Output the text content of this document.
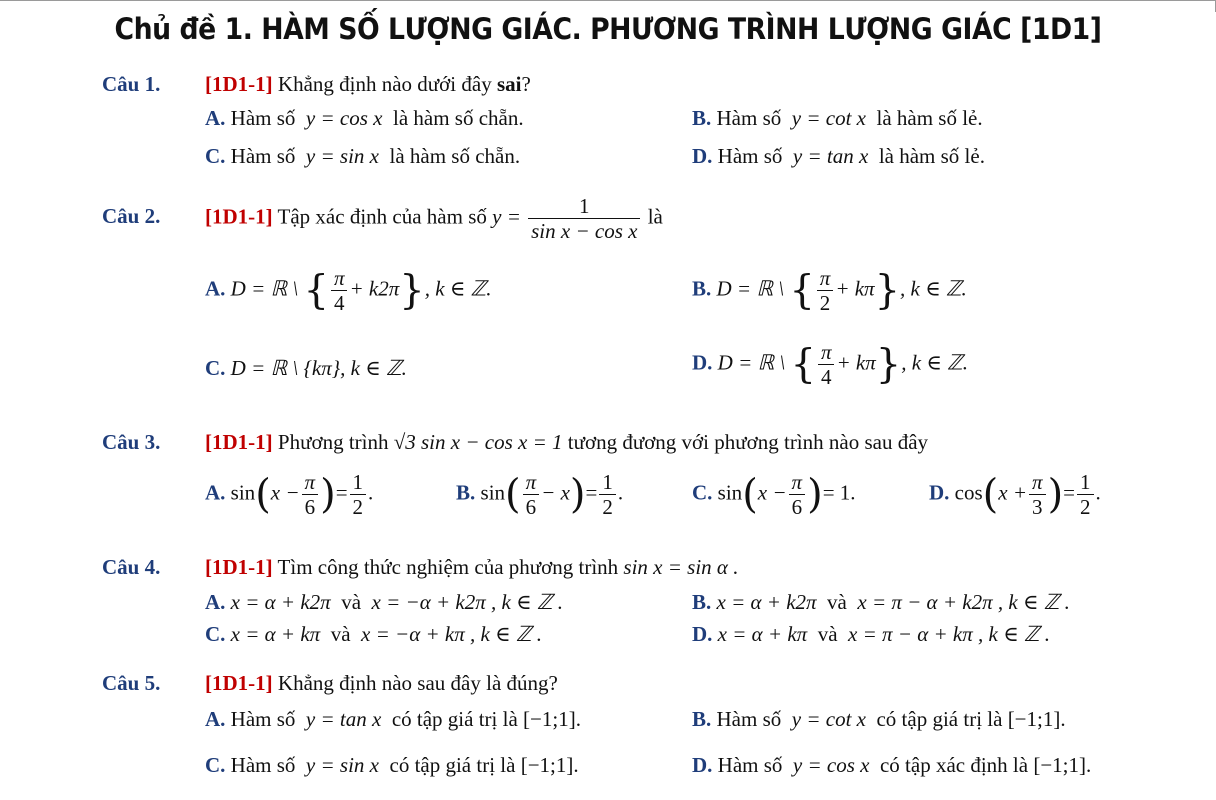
Chủ đề 1. HÀM SỐ LƯỢNG GIÁC. PHƯƠNG TRÌNH LƯỢNG GIÁC [1D1]
Câu 1. [1D1-1] Khẳng định nào dưới đây sai?
A. Hàm số y = cos x là hàm số chẵn.	B. Hàm số y = cot x là hàm số lẻ.
C. Hàm số y = sin x là hàm số chẵn.	D. Hàm số y = tan x là hàm số lẻ.
Câu 2. [1D1-1] Tập xác định của hàm số $y = \frac{1}{\text{sin x − cos x}}$ là
A. D = ℝ \ { $\frac{\pi}{4} + k2\pi$}, k ∈ ℤ.	B. D = ℝ \ { $\frac{\pi}{2} + k\pi$}, k ∈ ℤ.
C. D = ℝ \ {kπ}, k ∈ ℤ.	D. D = ℝ \ { $\frac{\pi}{4} + k\pi$}, k ∈ ℤ.
Câu 3. [1D1-1] Phương trình √3 sin x − cos x = 1 tương đương với phương trình nào sau đây
A. $\sin(x - \frac{\pi}{6}$ )= $\frac{1}{2}$ .	B. $\sin( \frac{\pi}{6} - x)= \frac{1}{2}$ .	C. $\sin(x - \frac{\pi}{6}$ )= 1.	D. $\cos(x + \frac{\pi}{3}$ )= $\frac{1}{2}$ .
Câu 4. [1D1-1] Tìm công thức nghiệm của phương trình sin x = sin α .
A. x = α + k2π và x = −α + k2π , k ∈ ℤ .	B. x = α + k2π và x = π − α + k2π , k ∈ ℤ .
C. x = α + kπ và x = −α + kπ , k ∈ ℤ .	D. x = α + kπ và x = π − α + kπ , k ∈ ℤ .
Câu 5. [1D1-1] Khẳng định nào sau đây là đúng?
A. Hàm số y = tan x có tập giá trị là [−1;1].	B. Hàm số y = cot x có tập giá trị là [−1;1].
C. Hàm số y = sin x có tập giá trị là [−1;1].	D. Hàm số y = cos x có tập xác định là [−1;1].
